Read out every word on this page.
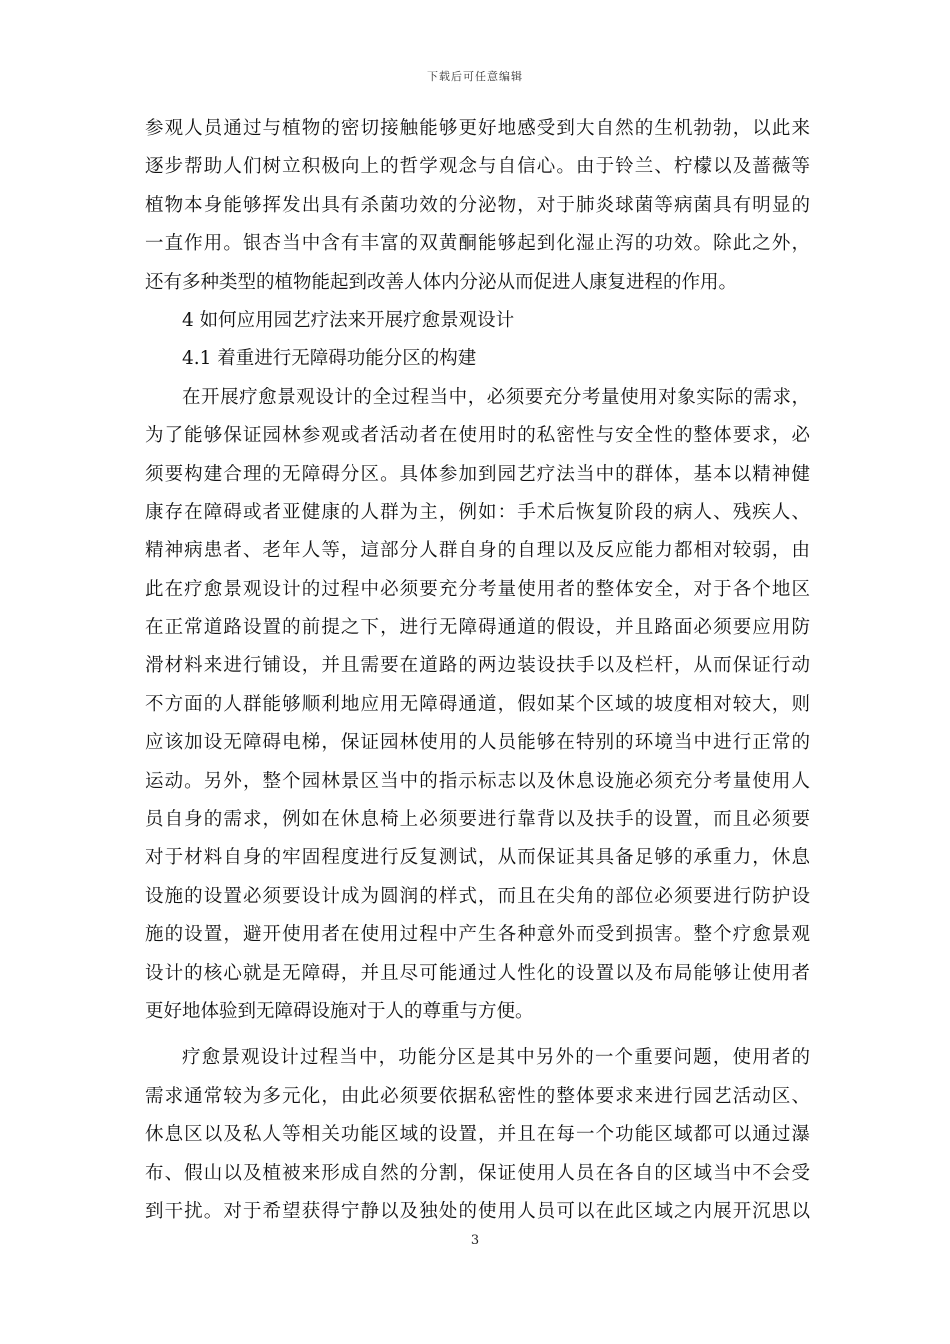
下载后可任意编辑
参观人员通过与植物的密切接触能够更好地感受到大自然的生机勃勃，以此来
逐步帮助人们树立积极向上的哲学观念与自信心。由于铃兰、柠檬以及蔷薇等
植物本身能够挥发出具有杀菌功效的分泌物，对于肺炎球菌等病菌具有明显的
一直作用。银杏当中含有丰富的双黄酮能够起到化湿止泻的功效。除此之外，
还有多种类型的植物能起到改善人体内分泌从而促进人康复进程的作用。
4 如何应用园艺疗法来开展疗愈景观设计
4.1 着重进行无障碍功能分区的构建
在开展疗愈景观设计的全过程当中，必须要充分考量使用对象实际的需求，
为了能够保证园林参观或者活动者在使用时的私密性与安全性的整体要求，必
须要构建合理的无障碍分区。具体参加到园艺疗法当中的群体，基本以精神健
康存在障碍或者亚健康的人群为主，例如：手术后恢复阶段的病人、残疾人、
精神病患者、老年人等，這部分人群自身的自理以及反应能力都相对较弱，由
此在疗愈景观设计的过程中必须要充分考量使用者的整体安全，对于各个地区
在正常道路设置的前提之下，进行无障碍通道的假设，并且路面必须要应用防
滑材料来进行铺设，并且需要在道路的两边装设扶手以及栏杆，从而保证行动
不方面的人群能够顺利地应用无障碍通道，假如某个区域的坡度相对较大，则
应该加设无障碍电梯，保证园林使用的人员能够在特别的环境当中进行正常的
运动。另外，整个园林景区当中的指示标志以及休息设施必须充分考量使用人
员自身的需求，例如在休息椅上必须要进行靠背以及扶手的设置，而且必须要
对于材料自身的牢固程度进行反复测试，从而保证其具备足够的承重力，休息
设施的设置必须要设计成为圆润的样式，而且在尖角的部位必须要进行防护设
施的设置，避开使用者在使用过程中产生各种意外而受到损害。整个疗愈景观
设计的核心就是无障碍，并且尽可能通过人性化的设置以及布局能够让使用者
更好地体验到无障碍设施对于人的尊重与方便。
疗愈景观设计过程当中，功能分区是其中另外的一个重要问题，使用者的
需求通常较为多元化，由此必须要依据私密性的整体要求来进行园艺活动区、
休息区以及私人等相关功能区域的设置，并且在每一个功能区域都可以通过瀑
布、假山以及植被来形成自然的分割，保证使用人员在各自的区域当中不会受
到干扰。对于希望获得宁静以及独处的使用人员可以在此区域之内展开沉思以
3
